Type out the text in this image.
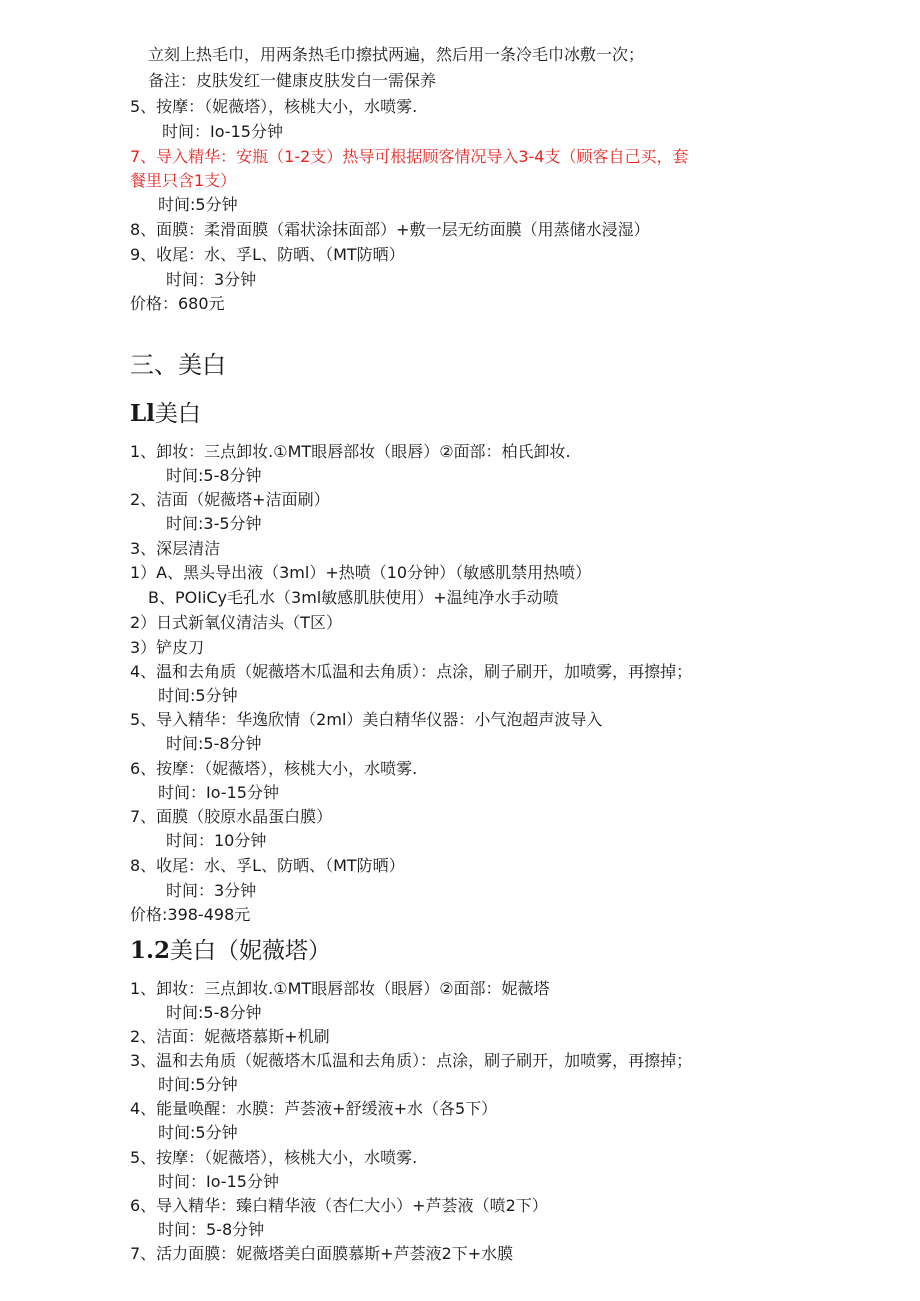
立刻上热毛巾，用两条热毛巾擦拭两遍，然后用一条冷毛巾冰敷一次；
备注：皮肤发红一健康皮肤发白一需保养
5、按摩：（妮薇塔），核桃大小，水喷雾.
时间：Io-15分钟
7、导入精华：安瓶（1-2支）热导可根据顾客情况导入3-4支（顾客自己买，套
餐里只含1支）
时间:5分钟
8、面膜：柔滑面膜（霜状涂抹面部）+敷一层无纺面膜（用蒸储水浸湿）
9、收尾：水、孚L、防晒、（MT防晒）
时间：3分钟
价格：680元
三、美白
Ll美白
1、卸妆：三点卸妆.①MT眼唇部妆（眼唇）②面部：柏氏卸妆.
时间:5-8分钟
2、洁面（妮薇塔+洁面刷）
时间:3-5分钟
3、深层清洁
1）A、黑头导出液（3ml）+热喷（10分钟）（敏感肌禁用热喷）
B、POIiCy毛孔水（3ml敏感肌肤使用）+温纯净水手动喷
2）日式新氧仪清洁头（T区）
3）铲皮刀
4、温和去角质（妮薇塔木瓜温和去角质）：点涂，刷子刷开，加喷雾，再擦掉；
时间:5分钟
5、导入精华：华逸欣情（2ml）美白精华仪器：小气泡超声波导入
时间:5-8分钟
6、按摩：（妮薇塔），核桃大小，水喷雾.
时间：Io-15分钟
7、面膜（胶原水晶蛋白膜）
时间：10分钟
8、收尾：水、孚L、防晒、（MT防晒）
时间：3分钟
价格:398-498元
1.2美白（妮薇塔）
1、卸妆：三点卸妆.①MT眼唇部妆（眼唇）②面部：妮薇塔
时间:5-8分钟
2、洁面：妮薇塔慕斯+机刷
3、温和去角质（妮薇塔木瓜温和去角质）：点涂，刷子刷开，加喷雾，再擦掉；
时间:5分钟
4、能量唤醒：水膜：芦荟液+舒缓液+水（各5下）
时间:5分钟
5、按摩：（妮薇塔），核桃大小，水喷雾.
时间：Io-15分钟
6、导入精华：臻白精华液（杏仁大小）+芦荟液（喷2下）
时间：5-8分钟
7、活力面膜：妮薇塔美白面膜慕斯+芦荟液2下+水膜
